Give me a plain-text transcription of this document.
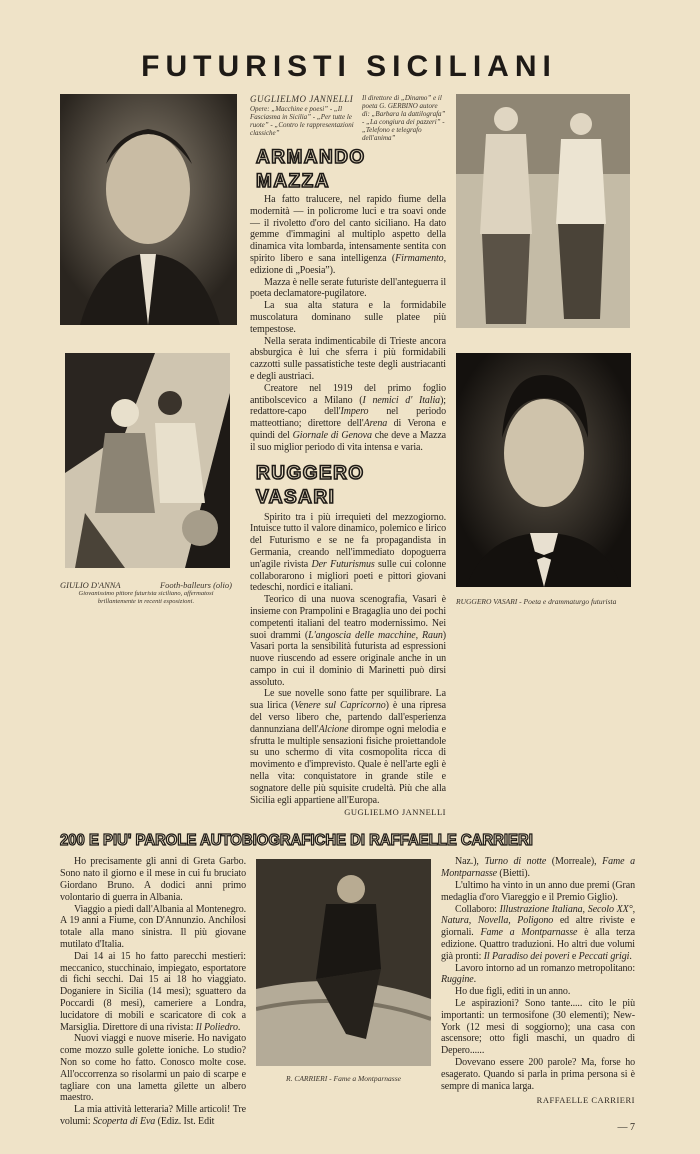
FUTURISTI SICILIANI
GIULIO D'ANNA	Footh-balleurs (olio)
Giovanissimo pittore futurista siciliano, affermatosi brillantemente in recenti esposizioni.
GUGLIELMO JANNELLI
Opere: „Macchine e poesi” - „Il Fasciasma in Sicilia” - „Per tutte le ruote” - „Contro le rappresentazioni classiche”
Il direttore di „Dinamo” e il poeta G. GERBINO autore di: „Barbara la dattilografa” - „La congiura dei pazzeri” - „Telefono e telegrafo dell'anima”
ARMANDO MAZZA

Ha fatto tralucere, nel rapido fiume della modernità — in policrome luci e tra soavi onde — il rivoletto d'oro del canto siciliano. Ha dato gemme d'immagini al multiplo aspetto della dinamica vita lombarda, intensamente sentita con spirito libero e sana intelligenza (Firmamento, edizione di „Poesia”).

Mazza è nelle serate futuriste dell'anteguerra il poeta declamatore-pugilatore.

La sua alta statura e la formidabile muscolatura dominano sulle platee più tempestose.

Nella serata indimenticabile di Trieste ancora absburgica è lui che sferra i più formidabili cazzotti sulle passatistiche teste degli austriacanti e degli austriaci.

Creatore nel 1919 del primo foglio antibolscevico a Milano (I nemici d' Italia); redattore-capo dell'Impero nel periodo matteottiano; direttore dell'Arena di Verona e quindi del Giornale di Genova che deve a Mazza il suo miglior periodo di vita intensa e varia.

RUGGERO VASARI

Spirito tra i più irrequieti del mezzogiorno. Intuisce tutto il valore dinamico, polemico e lirico del Futurismo e se ne fa propagandista in Germania, creando nell'immediato dopoguerra un'agile rivista Der Futurismus sulle cui colonne collaborarono i migliori poeti e pittori giovani tedeschi, nordici e italiani.

Teorico di una nuova scenografia, Vasari è insieme con Prampolini e Bragaglia uno dei pochi competenti italiani del teatro modernissimo. Nei suoi drammi (L'angoscia delle macchine, Raun) Vasari porta la sensibilità futurista ad espressioni nuove riuscendo ad essere originale anche in un campo in cui il dominio di Marinetti può dirsi assoluto.

Le sue novelle sono fatte per squilibrare. La sua lirica (Venere sul Capricorno) è una ripresa del verso libero che, partendo dall'esperienza dannunziana dell'Alcione dirompe ogni melodia e sfrutta le multiple sensazioni fisiche proiettandole su uno schermo di vita cosmopolita ricca di movimento e d'imprevisto. Quale è nell'arte egli è nella vita: conquistatore in grande stile e sognatore delle più squisite crudeltà. Più che alla Sicilia egli appartiene all'Europa.

GUGLIELMO JANNELLI
RUGGERO VASARI - Poeta e drammaturgo futurista
200 E PIU' PAROLE AUTOBIOGRAFICHE DI RAFFAELLE CARRIERI

Ho precisamente gli anni di Greta Garbo. Sono nato il giorno e il mese in cui fu bruciato Giordano Bruno. A dodici anni primo volontario di guerra in Albania.

Viaggio a piedi dall'Albania al Montenegro. A 19 anni a Fiume, con D'Annunzio. Anchilosi totale alla mano sinistra. Il più giovane mutilato d'Italia.

Dai 14 ai 15 ho fatto parecchi mestieri: meccanico, stucchinaio, impiegato, esportatore di fichi secchi. Dai 15 ai 18 ho viaggiato. Doganiere in Sicilia (14 mesi); sguattero da Poccardi (8 mesi), cameriere a Londra, lucidatore di mobili e scaricatore di cok a Marsiglia. Direttore di una rivista: Il Poliedro.

Nuovi viaggi e nuove miserie. Ho navigato come mozzo sulle golette ioniche. Lo studio? Non so come ho fatto. Conosco molte cose. All'occorrenza so risolarmi un paio di scarpe e tagliare con una lametta gilette un albero maestro.

La mia attività letteraria? Mille articoli! Tre volumi: Scoperta di Eva (Ediz. Ist. Edit

R. CARRIERI - Fame a Montparnasse

Naz.), Turno di notte (Morreale), Fame a Montparnasse (Bietti).

L'ultimo ha vinto in un anno due premi (Gran medaglia d'oro Viareggio e il Premio Giglio).

Collaboro: Illustrazione Italiana, Secolo XX°, Natura, Novella, Poligono ed altre riviste e giornali. Fame a Montparnasse è alla terza edizione. Quattro traduzioni. Ho altri due volumi già pronti: Il Paradiso dei poveri e Peccati grigi.

Lavoro intorno ad un romanzo metropolitano: Ruggine.

Ho due figli, editi in un anno.

Le aspirazioni? Sono tante..... cito le più importanti: un termosifone (30 elementi); New-York (12 mesi di soggiorno); una casa con ascensore; otto figli maschi, un quadro di Depero......

Dovevano essere 200 parole? Ma, forse ho esagerato. Quando si parla in prima persona si è sempre di manica larga.

RAFFAELLE CARRIERI
— 7
